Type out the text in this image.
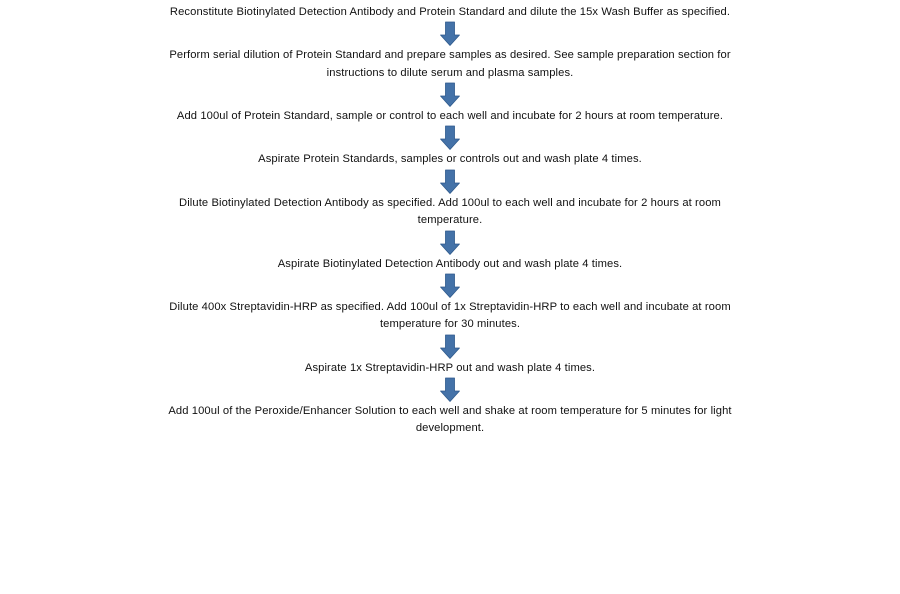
Reconstitute Biotinylated Detection Antibody and Protein Standard and dilute the 15x Wash Buffer as specified.
Perform serial dilution of Protein Standard and prepare samples as desired. See sample preparation section for instructions to dilute serum and plasma samples.
Add 100ul of Protein Standard, sample or control to each well and incubate for 2 hours at room temperature.
Aspirate Protein Standards, samples or controls out and wash plate 4 times.
Dilute Biotinylated Detection Antibody as specified. Add 100ul to each well and incubate for 2 hours at room temperature.
Aspirate Biotinylated Detection Antibody out and wash plate 4 times.
Dilute 400x Streptavidin-HRP as specified. Add 100ul of 1x Streptavidin-HRP to each well and incubate at room temperature for 30 minutes.
Aspirate 1x Streptavidin-HRP out and wash plate 4 times.
Add 100ul of the Peroxide/Enhancer Solution to each well and shake at room temperature for 5 minutes for light development.
